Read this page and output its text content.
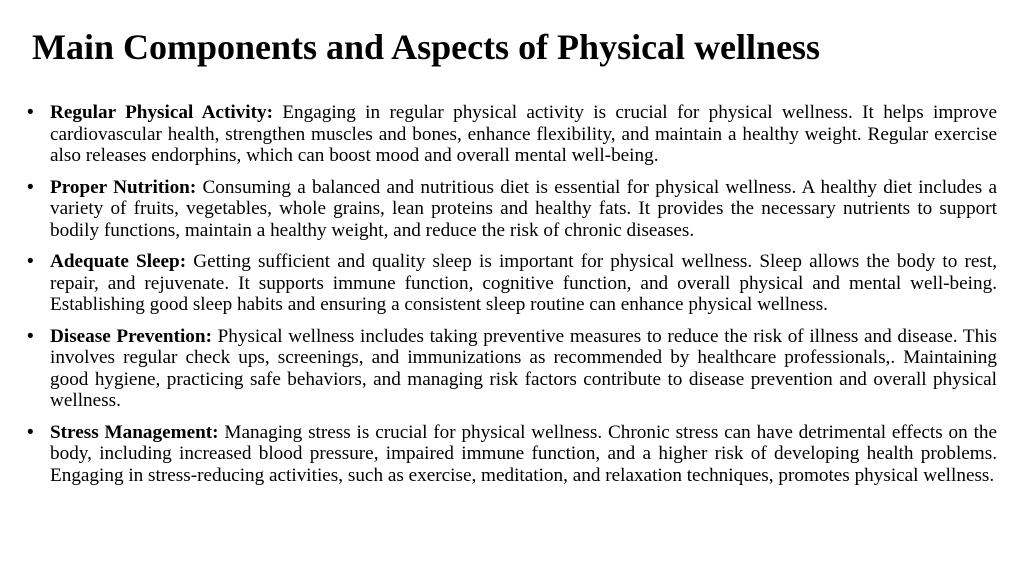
Main Components and Aspects of Physical wellness
• Regular Physical Activity: Engaging in regular physical activity is crucial for physical wellness. It helps improve cardiovascular health, strengthen muscles and bones, enhance flexibility, and maintain a healthy weight. Regular exercise also releases endorphins, which can boost mood and overall mental well-being.
• Proper Nutrition: Consuming a balanced and nutritious diet is essential for physical wellness. A healthy diet includes a variety of fruits, vegetables, whole grains, lean proteins and healthy fats. It provides the necessary nutrients to support bodily functions, maintain a healthy weight, and reduce the risk of chronic diseases.
• Adequate Sleep: Getting sufficient and quality sleep is important for physical wellness. Sleep allows the body to rest, repair, and rejuvenate. It supports immune function, cognitive function, and overall physical and mental well-being. Establishing good sleep habits and ensuring a consistent sleep routine can enhance physical wellness.
• Disease Prevention: Physical wellness includes taking preventive measures to reduce the risk of illness and disease. This involves regular check ups, screenings, and immunizations as recommended by healthcare professionals,. Maintaining good hygiene, practicing safe behaviors, and managing risk factors contribute to disease prevention and overall physical wellness.
• Stress Management: Managing stress is crucial for physical wellness. Chronic stress can have detrimental effects on the body, including increased blood pressure, impaired immune function, and a higher risk of developing health problems. Engaging in stress-reducing activities, such as exercise, meditation, and relaxation techniques, promotes physical wellness.
